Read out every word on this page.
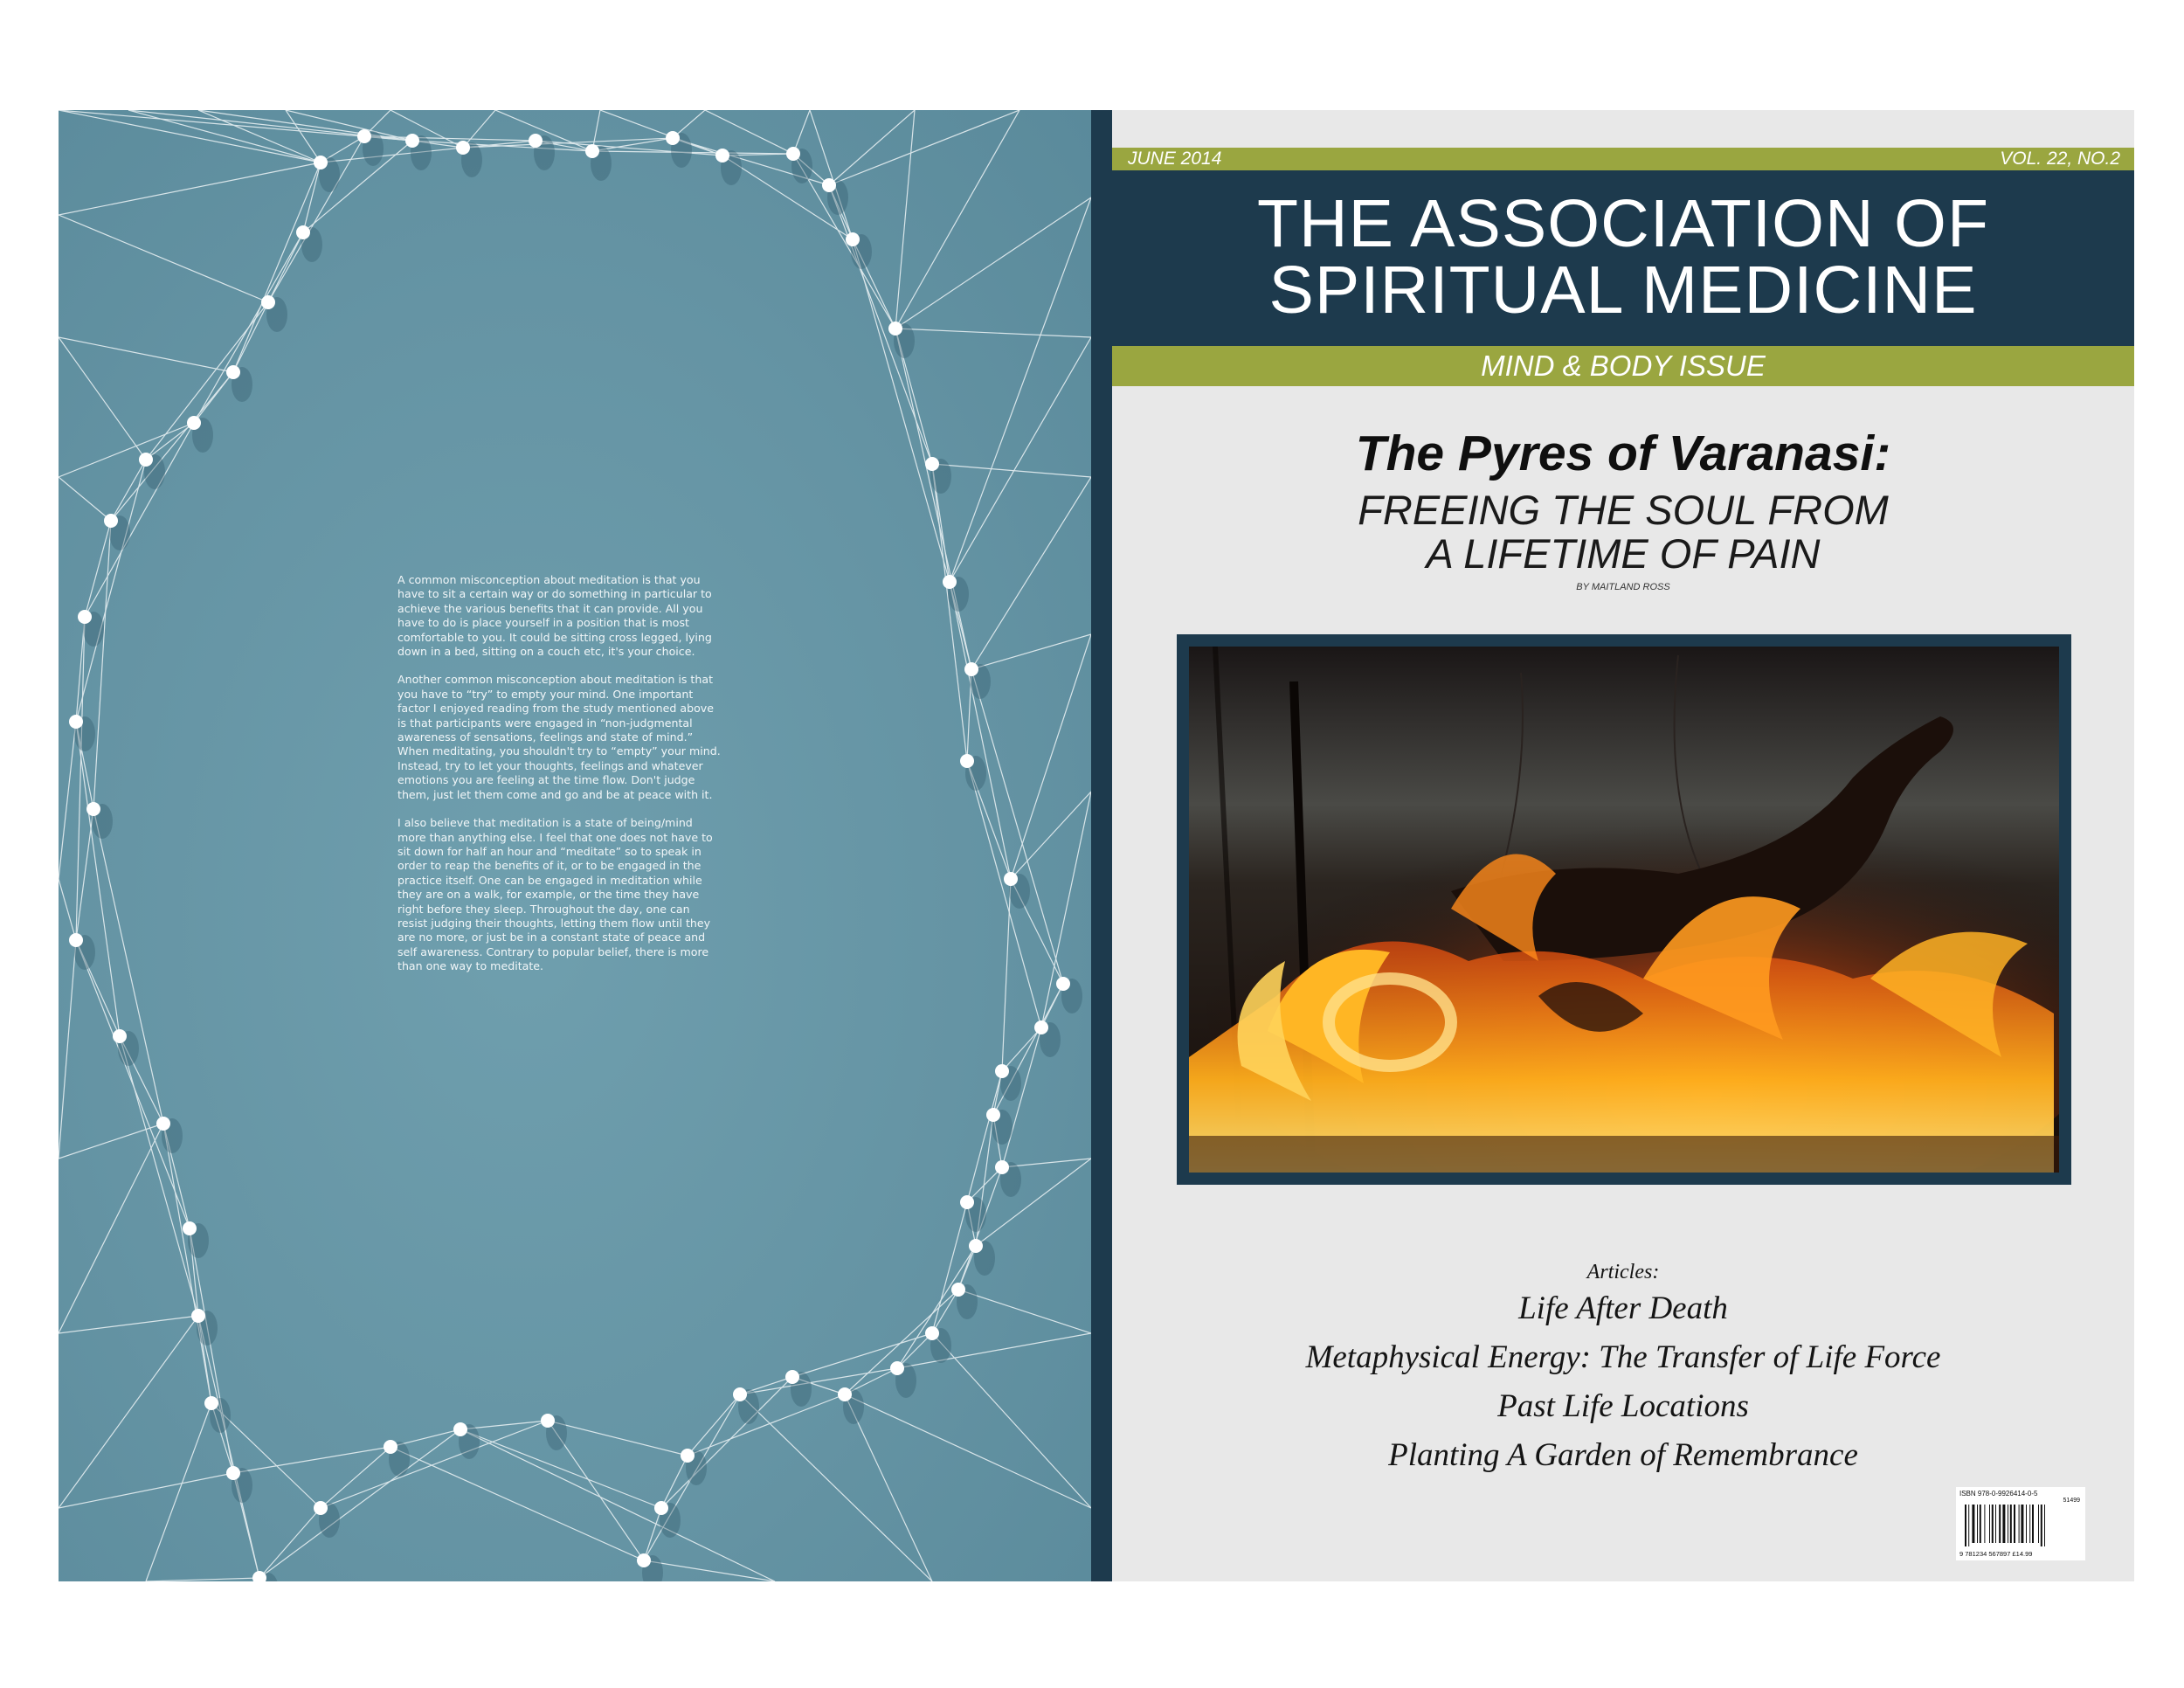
A common misconception about meditation is that you have to sit a certain way or do something in particular to achieve the various benefits that it can provide. All you have to do is place yourself in a position that is most comfortable to you. It could be sitting cross legged, lying down in a bed, sitting on a couch etc, it's your choice.

Another common misconception about meditation is that you have to “try” to empty your mind. One important factor I enjoyed reading from the study mentioned above is that participants were engaged in “non-judgmental awareness of sensations, feelings and state of mind.” When meditating, you shouldn't try to “empty” your mind. Instead, try to let your thoughts, feelings and whatever emotions you are feeling at the time flow. Don't judge them, just let them come and go and be at peace with it.

I also believe that meditation is a state of being/mind more than anything else. I feel that one does not have to sit down for half an hour and “meditate” so to speak in order to reap the benefits of it, or to be engaged in the practice itself. One can be engaged in meditation while they are on a walk, for example, or the time they have right before they sleep. Throughout the day, one can resist judging their thoughts, letting them flow until they are no more, or just be in a constant state of peace and self awareness. Contrary to popular belief, there is more than one way to meditate.

JUNE 2014	VOL. 22, NO.2
THE ASSOCIATION OF
SPIRITUAL MEDICINE
MIND & BODY ISSUE
The Pyres of Varanasi:
FREEING THE SOUL FROM
A LIFETIME OF PAIN
BY MAITLAND ROSS
Articles:
Life After Death
Metaphysical Energy: The Transfer of Life Force
Past Life Locations
Planting A Garden of Remembrance
ISBN 978-0-9926414-0-5
51499
9 781234 567897 £14.99
